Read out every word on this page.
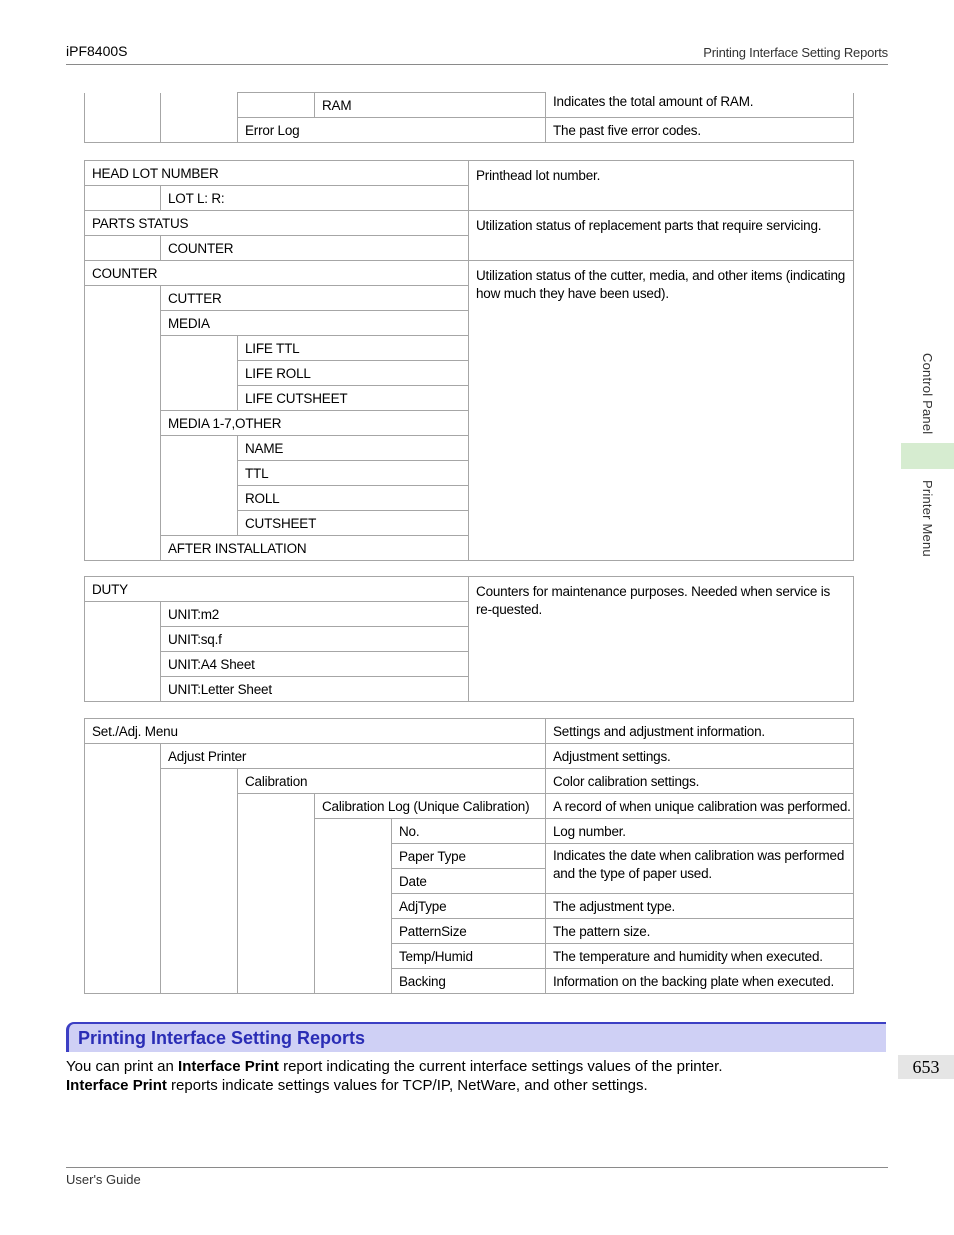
iPF8400S	Printing Interface Setting Reports
			RAM	Indicates the total amount of RAM.
		Error Log		The past five error codes.
HEAD LOT NUMBER			Printhead lot number.
	LOT L: R:		
PARTS STATUS			Utilization status of replacement parts that require servicing.
	COUNTER		
COUNTER			Utilization status of the cutter, media, and other items (indicating how much they have been used).
	CUTTER		
	MEDIA		
		LIFE TTL	
		LIFE ROLL	
		LIFE CUTSHEET	
	MEDIA 1-7,OTHER		
		NAME	
		TTL	
		ROLL	
		CUTSHEET	
	AFTER INSTALLATION		
DUTY		Counters for maintenance purposes. Needed when service is re-quested.
	UNIT:m2	
	UNIT:sq.f	
	UNIT:A4 Sheet	
	UNIT:Letter Sheet	
Set./Adj. Menu					Settings and adjustment information.
	Adjust Printer				Adjustment settings.
		Calibration			Color calibration settings.
			Calibration Log (Unique Calibration)		A record of when unique calibration was performed.
				No.	Log number.
				Paper Type	Indicates the date when calibration was performed and the type of paper used.
				Date	
				AdjType	The adjustment type.
				PatternSize	The pattern size.
				Temp/Humid	The temperature and humidity when executed.
				Backing	Information on the backing plate when executed.
Printing Interface Setting Reports
You can print an Interface Print report indicating the current interface settings values of the printer.
Interface Print reports indicate settings values for TCP/IP, NetWare, and other settings.
Control Panel
Printer Menu
653
User's Guide
